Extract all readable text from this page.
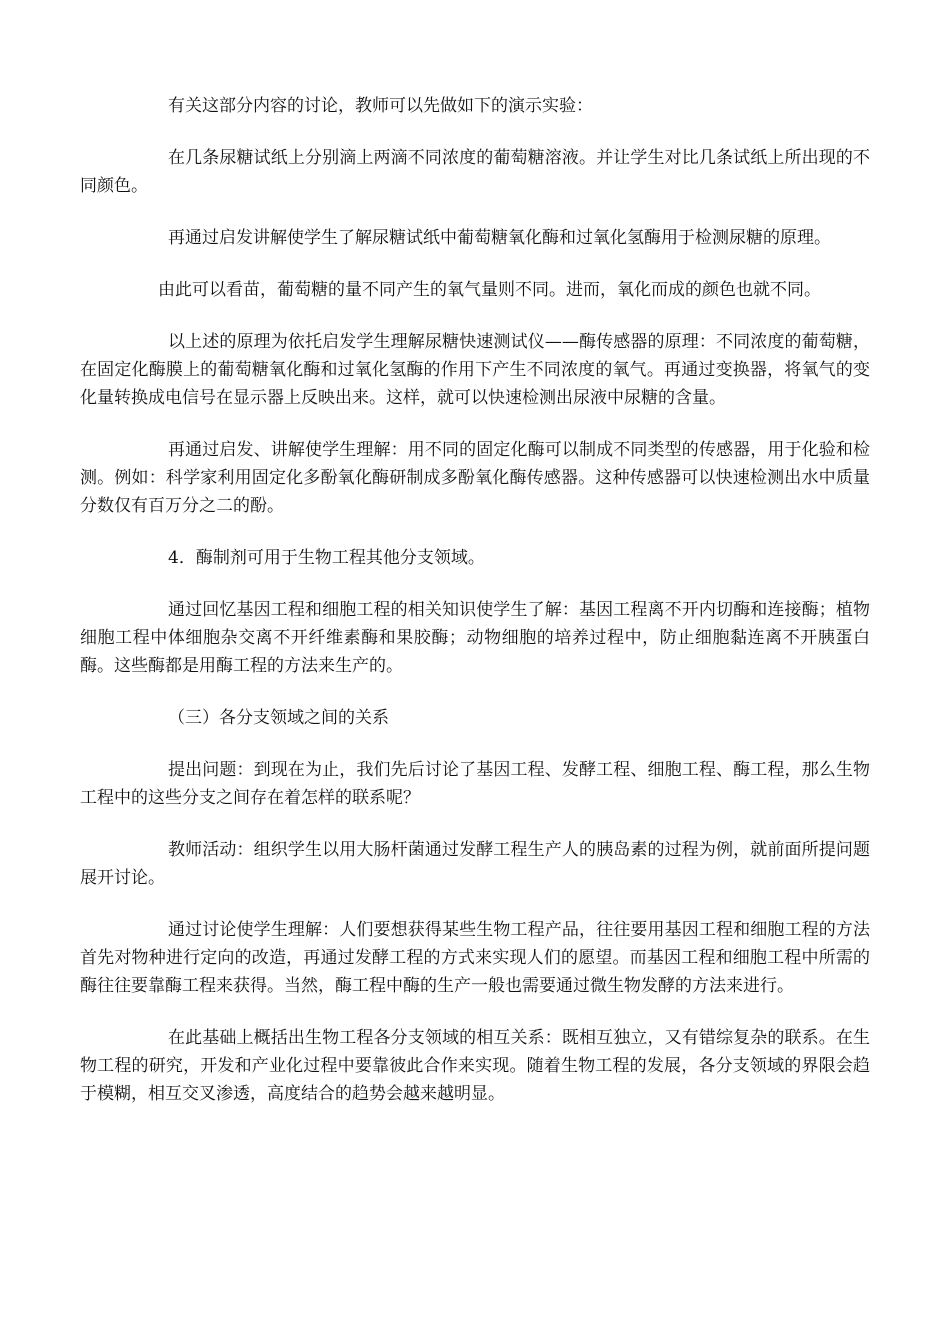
有关这部分内容的讨论，教师可以先做如下的演示实验：

在几条尿糖试纸上分别滴上两滴不同浓度的葡萄糖溶液。并让学生对比几条试纸上所出现的不同颜色。

再通过启发讲解使学生了解尿糖试纸中葡萄糖氧化酶和过氧化氢酶用于检测尿糖的原理。

由此可以看苗，葡萄糖的量不同产生的氧气量则不同。进而，氧化而成的颜色也就不同。

以上述的原理为依托启发学生理解尿糖快速测试仪——酶传感器的原理：不同浓度的葡萄糖，在固定化酶膜上的葡萄糖氧化酶和过氧化氢酶的作用下产生不同浓度的氧气。再通过变换器，将氧气的变化量转换成电信号在显示器上反映出来。这样，就可以快速检测出尿液中尿糖的含量。

再通过启发、讲解使学生理解：用不同的固定化酶可以制成不同类型的传感器，用于化验和检测。例如：科学家利用固定化多酚氧化酶研制成多酚氧化酶传感器。这种传感器可以快速检测出水中质量分数仅有百万分之二的酚。

4．酶制剂可用于生物工程其他分支领域。

通过回忆基因工程和细胞工程的相关知识使学生了解：基因工程离不开内切酶和连接酶；植物细胞工程中体细胞杂交离不开纤维素酶和果胶酶；动物细胞的培养过程中，防止细胞黏连离不开胰蛋白酶。这些酶都是用酶工程的方法来生产的。

（三）各分支领域之间的关系

提出问题：到现在为止，我们先后讨论了基因工程、发酵工程、细胞工程、酶工程，那么生物工程中的这些分支之间存在着怎样的联系呢？

教师活动：组织学生以用大肠杆菌通过发酵工程生产人的胰岛素的过程为例，就前面所提问题展开讨论。

通过讨论使学生理解：人们要想获得某些生物工程产品，往往要用基因工程和细胞工程的方法首先对物种进行定向的改造，再通过发酵工程的方式来实现人们的愿望。而基因工程和细胞工程中所需的酶往往要靠酶工程来获得。当然，酶工程中酶的生产一般也需要通过微生物发酵的方法来进行。

在此基础上概括出生物工程各分支领域的相互关系：既相互独立，又有错综复杂的联系。在生物工程的研究，开发和产业化过程中要靠彼此合作来实现。随着生物工程的发展，各分支领域的界限会趋于模糊，相互交叉渗透，高度结合的趋势会越来越明显。
